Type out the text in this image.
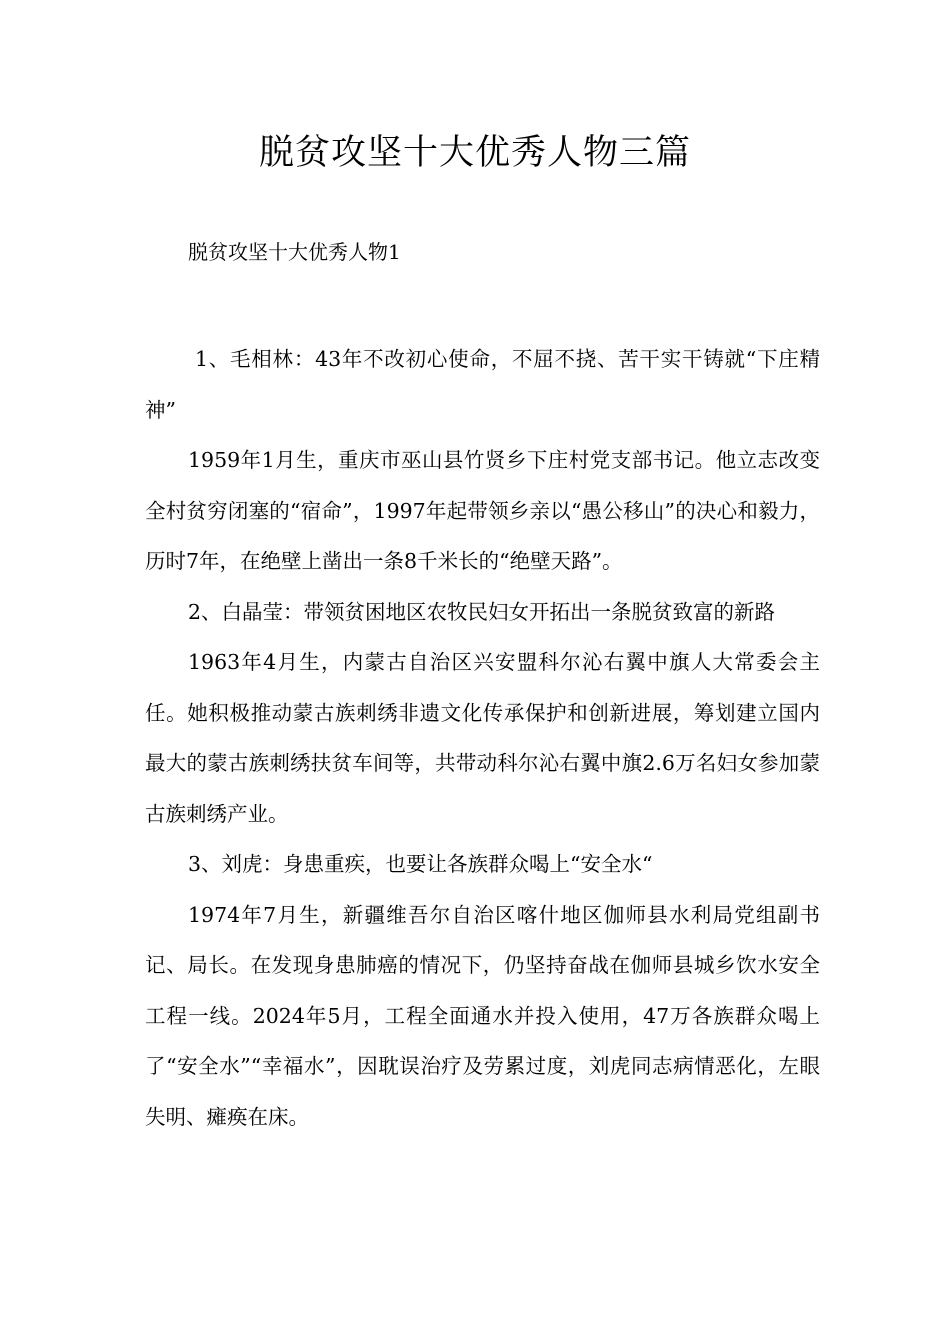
脱贫攻坚十大优秀人物三篇

脱贫攻坚十大优秀人物1

1、毛相林：43年不改初心使命，不屈不挠、苦干实干铸就“下庄精神”

1959年1月生，重庆市巫山县竹贤乡下庄村党支部书记。他立志改变全村贫穷闭塞的“宿命”，1997年起带领乡亲以“愚公移山”的决心和毅力，历时7年，在绝壁上凿出一条8千米长的“绝壁天路”。

2、白晶莹：带领贫困地区农牧民妇女开拓出一条脱贫致富的新路

1963年4月生，内蒙古自治区兴安盟科尔沁右翼中旗人大常委会主任。她积极推动蒙古族刺绣非遗文化传承保护和创新进展，筹划建立国内最大的蒙古族刺绣扶贫车间等，共带动科尔沁右翼中旗2.6万名妇女参加蒙古族刺绣产业。

3、刘虎：身患重疾，也要让各族群众喝上“安全水“

1974年7月生，新疆维吾尔自治区喀什地区伽师县水利局党组副书记、局长。在发现身患肺癌的情况下，仍坚持奋战在伽师县城乡饮水安全工程一线。2024年5月，工程全面通水并投入使用，47万各族群众喝上了“安全水”“幸福水”，因耽误治疗及劳累过度，刘虎同志病情恶化，左眼失明、瘫痪在床。
